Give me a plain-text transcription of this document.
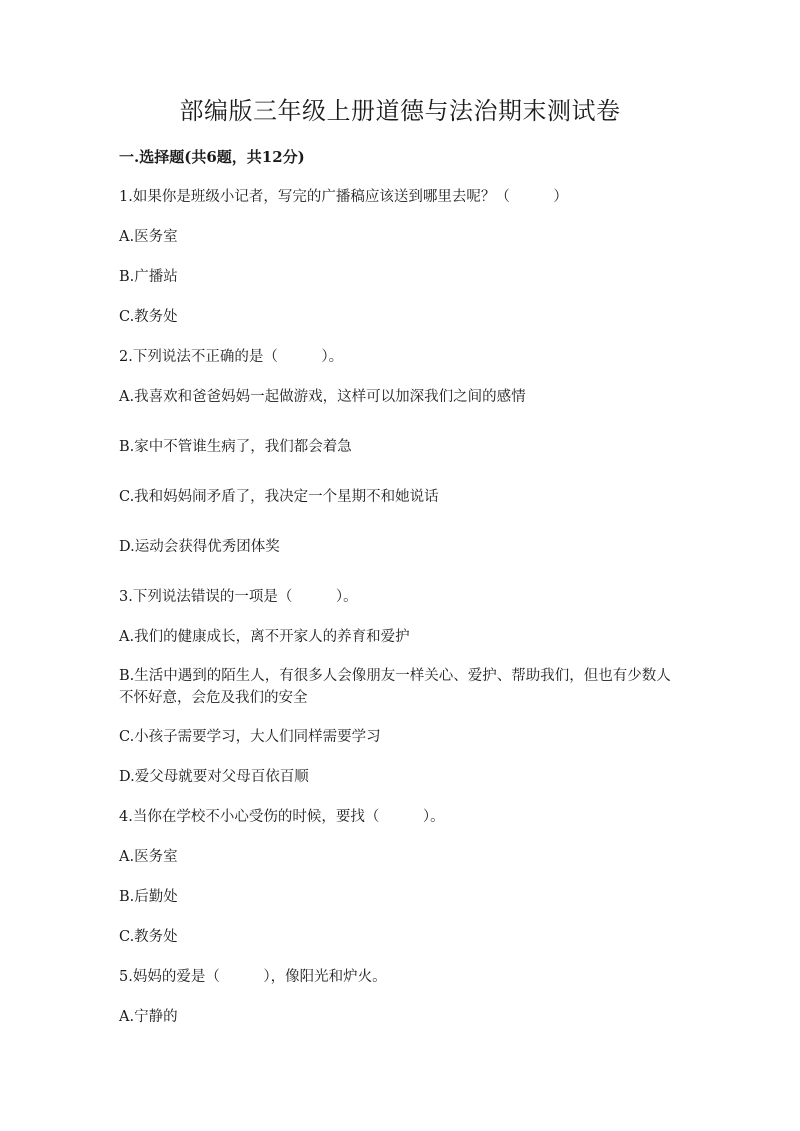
部编版三年级上册道德与法治期末测试卷
一.选择题(共6题，共12分)
1.如果你是班级小记者，写完的广播稿应该送到哪里去呢？（　　　）
A.医务室
B.广播站
C.教务处
2.下列说法不正确的是（　　　）。
A.我喜欢和爸爸妈妈一起做游戏，这样可以加深我们之间的感情
B.家中不管谁生病了，我们都会着急
C.我和妈妈闹矛盾了，我决定一个星期不和她说话
D.运动会获得优秀团体奖
3.下列说法错误的一项是（　　　）。
A.我们的健康成长，离不开家人的养育和爱护
B.生活中遇到的陌生人，有很多人会像朋友一样关心、爱护、帮助我们，但也有少数人不怀好意，会危及我们的安全
C.小孩子需要学习，大人们同样需要学习
D.爱父母就要对父母百依百顺
4.当你在学校不小心受伤的时候，要找（　　　）。
A.医务室
B.后勤处
C.教务处
5.妈妈的爱是（　　　），像阳光和炉火。
A.宁静的
